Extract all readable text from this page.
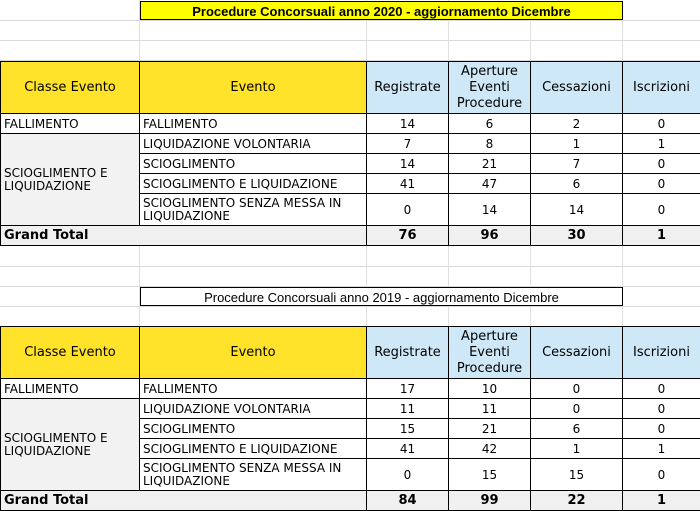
Procedure Concorsuali anno 2020 - aggiornamento Dicembre
Classe Evento	Evento	Registrate	Aperture Eventi Procedure	Cessazioni	Iscrizioni
FALLIMENTO	FALLIMENTO	14	6	2	0
SCIOGLIMENTO E LIQUIDAZIONE	LIQUIDAZIONE VOLONTARIA	7	8	1	1
	SCIOGLIMENTO	14	21	7	0
	SCIOGLIMENTO E LIQUIDAZIONE	41	47	6	0
	SCIOGLIMENTO SENZA MESSA IN LIQUIDAZIONE	0	14	14	0
Grand Total		76	96	30	1
Procedure Concorsuali anno 2019 - aggiornamento Dicembre
Classe Evento	Evento	Registrate	Aperture Eventi Procedure	Cessazioni	Iscrizioni
FALLIMENTO	FALLIMENTO	17	10	0	0
SCIOGLIMENTO E LIQUIDAZIONE	LIQUIDAZIONE VOLONTARIA	11	11	0	0
	SCIOGLIMENTO	15	21	6	0
	SCIOGLIMENTO E LIQUIDAZIONE	41	42	1	1
	SCIOGLIMENTO SENZA MESSA IN LIQUIDAZIONE	0	15	15	0
Grand Total		84	99	22	1
